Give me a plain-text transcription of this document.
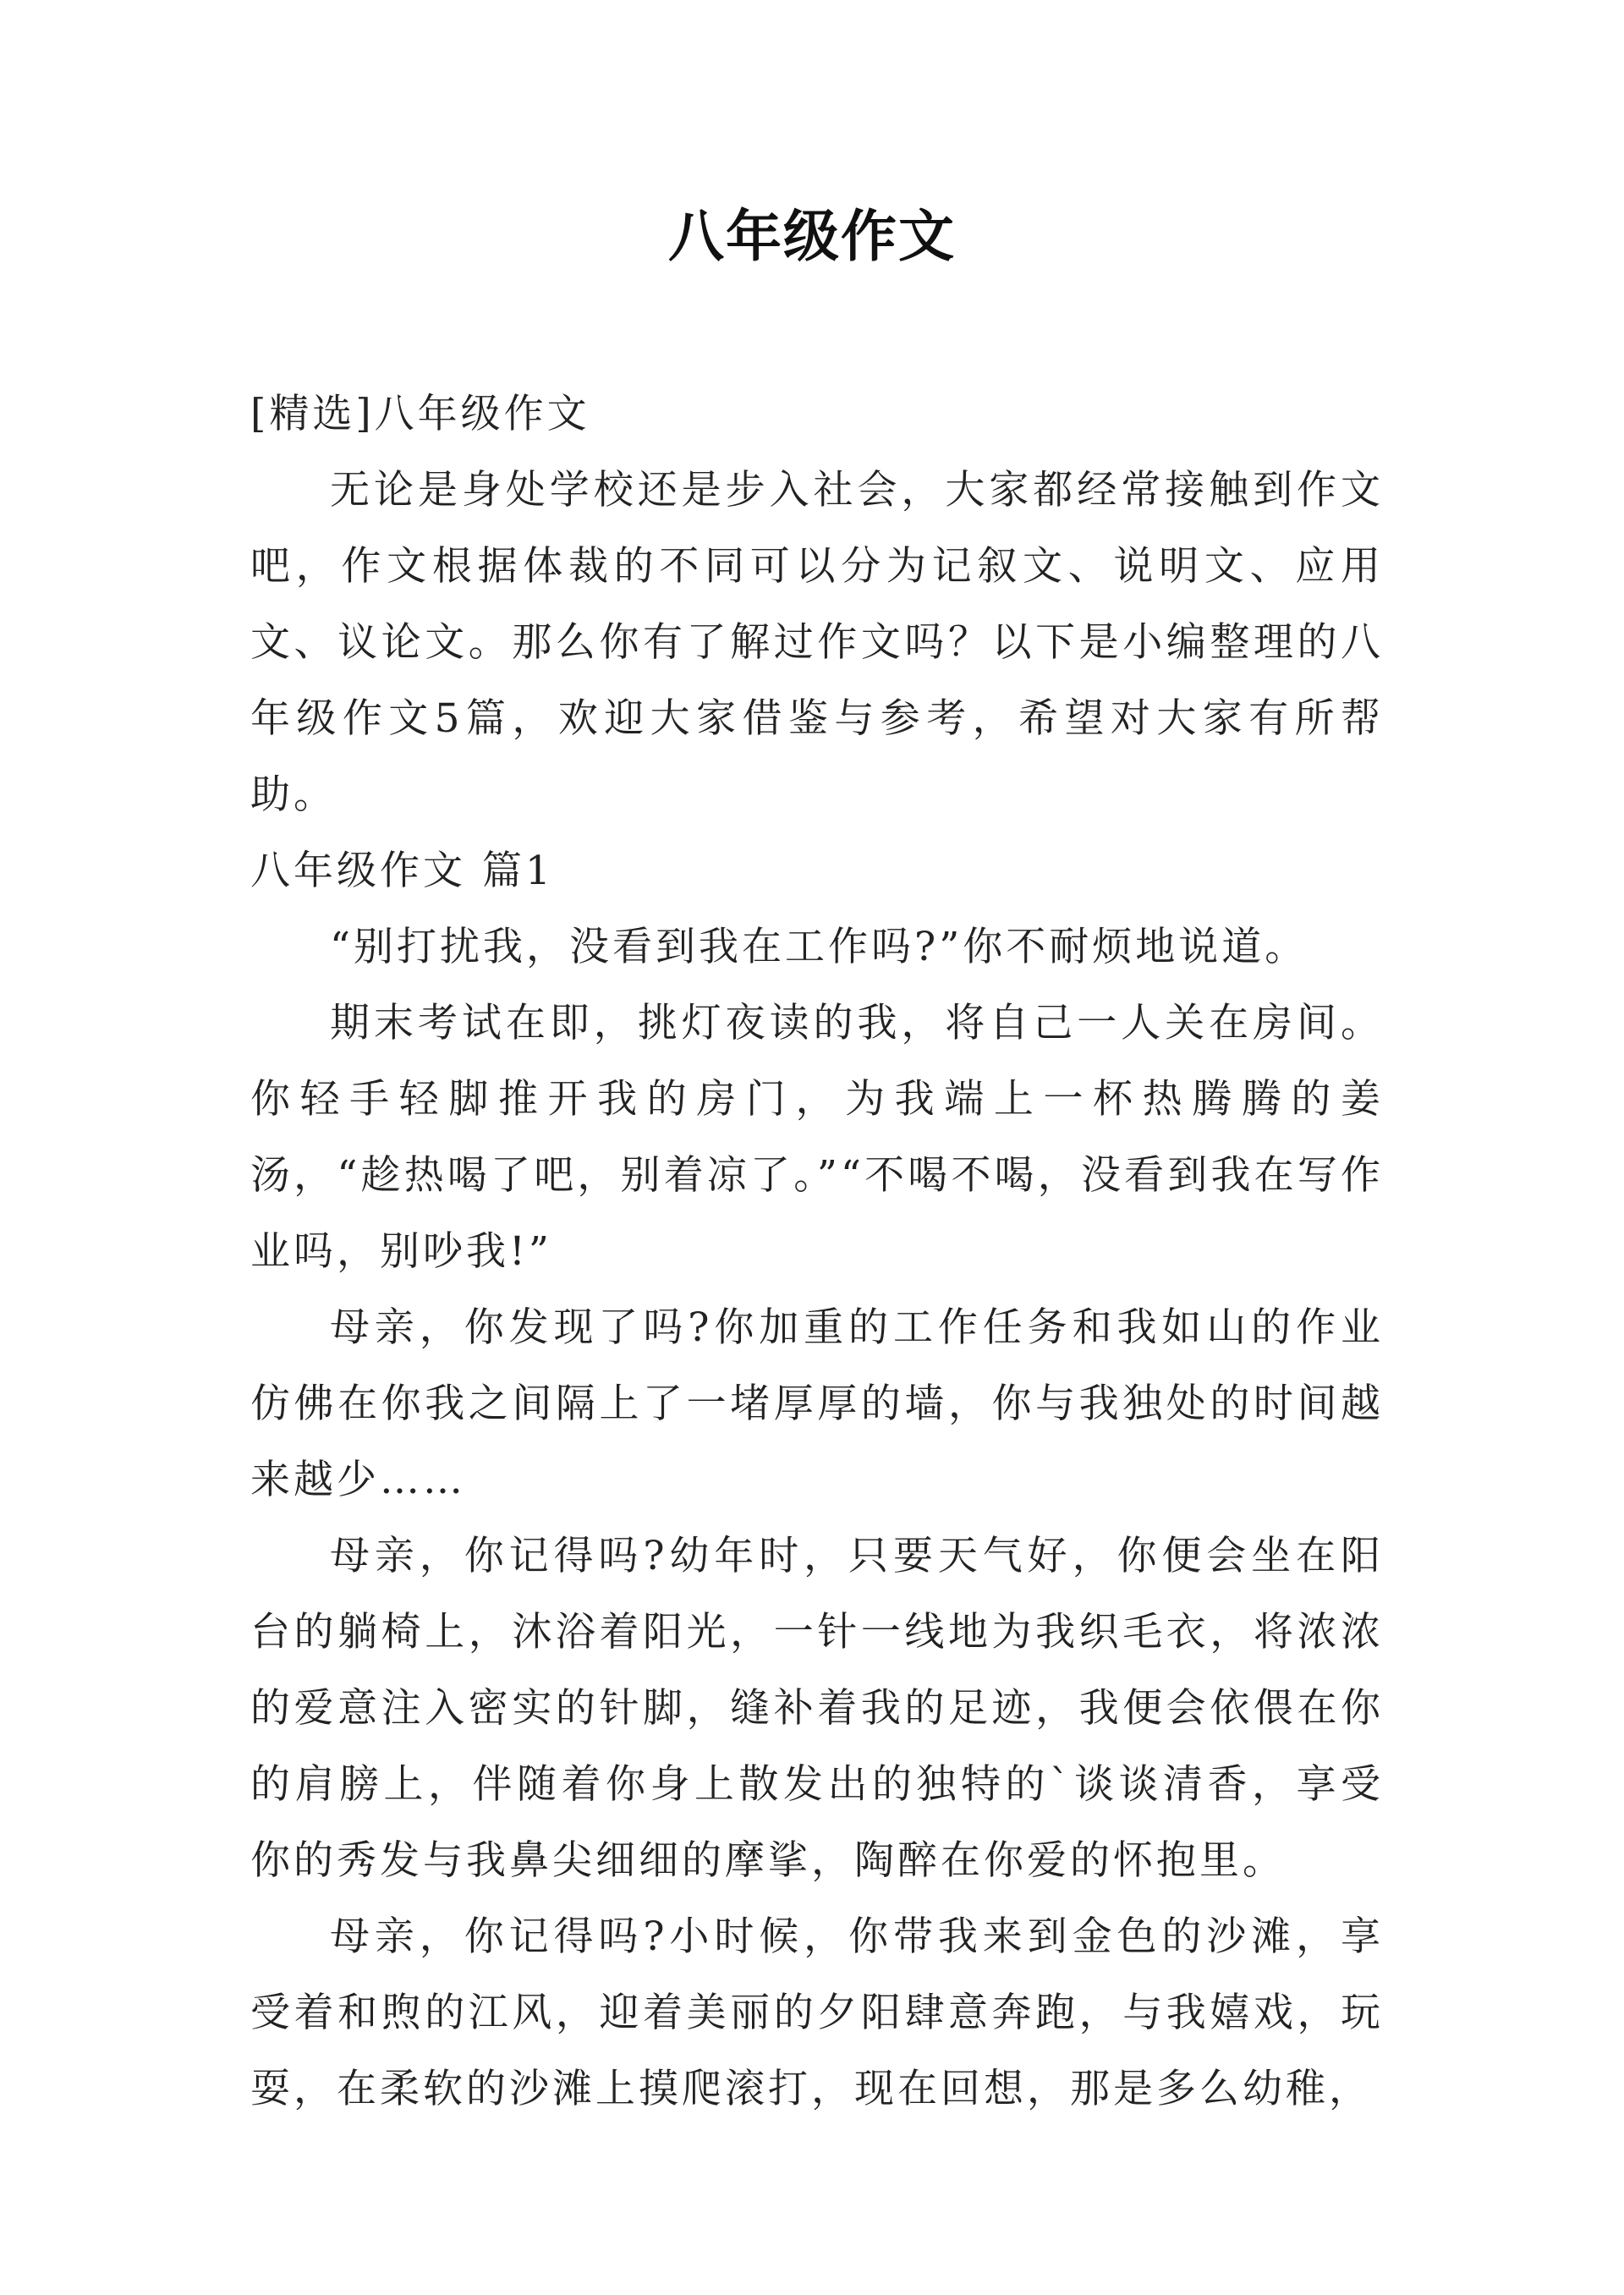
八年级作文

[精选]八年级作文

无论是身处学校还是步入社会，大家都经常接触到作文吧，作文根据体裁的不同可以分为记叙文、说明文、应用文、议论文。那么你有了解过作文吗？以下是小编整理的八年级作文5篇，欢迎大家借鉴与参考，希望对大家有所帮助。

八年级作文 篇1

“别打扰我，没看到我在工作吗?”你不耐烦地说道。

期末考试在即，挑灯夜读的我，将自己一人关在房间。你轻手轻脚推开我的房门，为我端上一杯热腾腾的姜汤，“趁热喝了吧，别着凉了。”“不喝不喝，没看到我在写作业吗，别吵我!”

母亲，你发现了吗?你加重的工作任务和我如山的作业仿佛在你我之间隔上了一堵厚厚的墙，你与我独处的时间越来越少……

母亲，你记得吗?幼年时，只要天气好，你便会坐在阳台的躺椅上，沐浴着阳光，一针一线地为我织毛衣，将浓浓的爱意注入密实的针脚，缝补着我的足迹，我便会依偎在你的肩膀上，伴随着你身上散发出的独特的`谈谈清香，享受你的秀发与我鼻尖细细的摩挲，陶醉在你爱的怀抱里。

母亲，你记得吗?小时候，你带我来到金色的沙滩，享受着和煦的江风，迎着美丽的夕阳肆意奔跑，与我嬉戏，玩耍，在柔软的沙滩上摸爬滚打，现在回想，那是多么幼稚，
